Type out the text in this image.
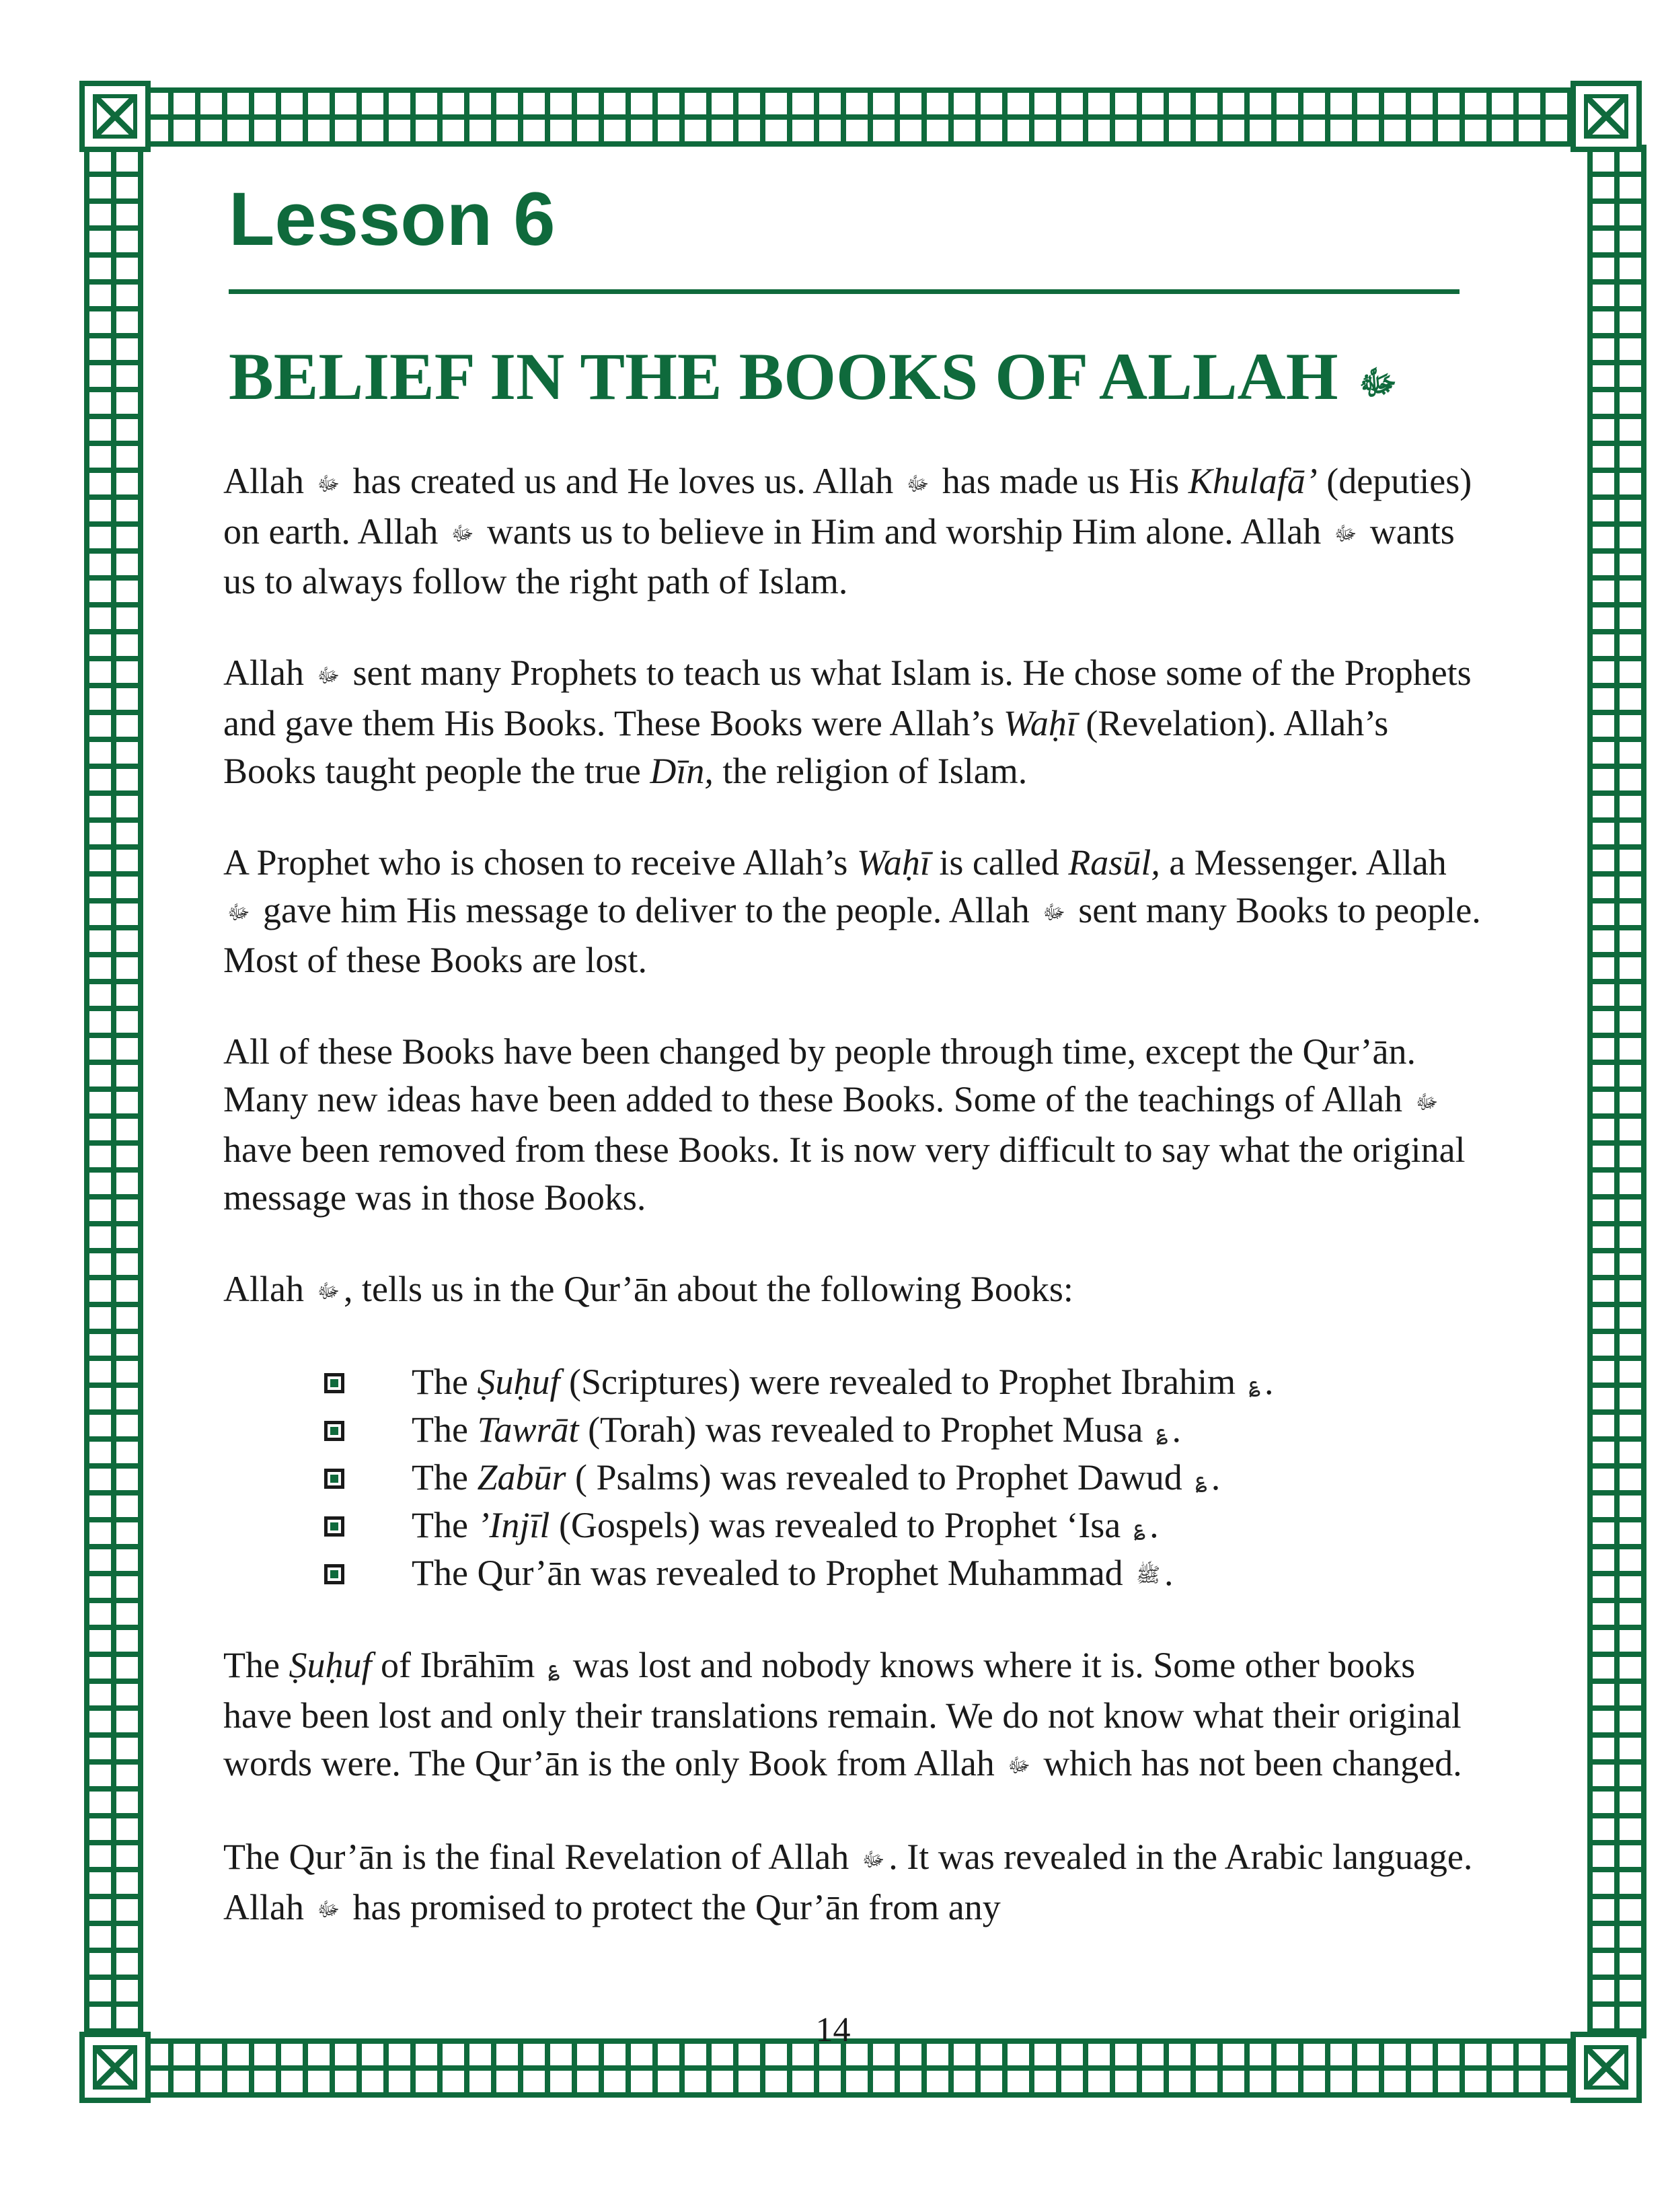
Lesson 6
BELIEF IN THE BOOKS OF ALLAH ﷻ

Allah ﷻ has created us and He loves us. Allah ﷻ has made us His Khulafā’ (deputies) on earth. Allah ﷻ wants us to believe in Him and worship Him alone. Allah ﷻ wants us to always follow the right path of Islam.

Allah ﷻ sent many Prophets to teach us what Islam is. He chose some of the Prophets and gave them His Books. These Books were Allah’s Waḥī (Revelation). Allah’s Books taught people the true Dīn, the religion of Islam.

A Prophet who is chosen to receive Allah’s Waḥī is called Rasūl, a Messenger. Allah ﷻ gave him His message to deliver to the people. Allah ﷻ sent many Books to people. Most of these Books are lost.

All of these Books have been changed by people through time, except the Qur’ān. Many new ideas have been added to these Books. Some of the teachings of Allah ﷻ have been removed from these Books. It is now very difficult to say what the original message was in those Books.

Allah ﷻ , tells us in the Qur’ān about the following Books:

The Ṣuḥuf (Scriptures) were revealed to Prophet Ibrahim ؏ .
The Tawrāt (Torah) was revealed to Prophet Musa ؏ .
The Zabūr ( Psalms) was revealed to Prophet Dawud ؏ .
The ’Injīl (Gospels) was revealed to Prophet ‘Isa ؏ .
The Qur’ān was revealed to Prophet Muhammad ﷺ .

The Ṣuḥuf of Ibrāhīm ؏ was lost and nobody knows where it is. Some other books have been lost and only their translations remain. We do not know what their original words were. The Qur’ān is the only Book from Allah ﷻ which has not been changed.

The Qur’ān is the final Revelation of Allah ﷻ . It was revealed in the Arabic language. Allah ﷻ has promised to protect the Qur’ān from any

14
